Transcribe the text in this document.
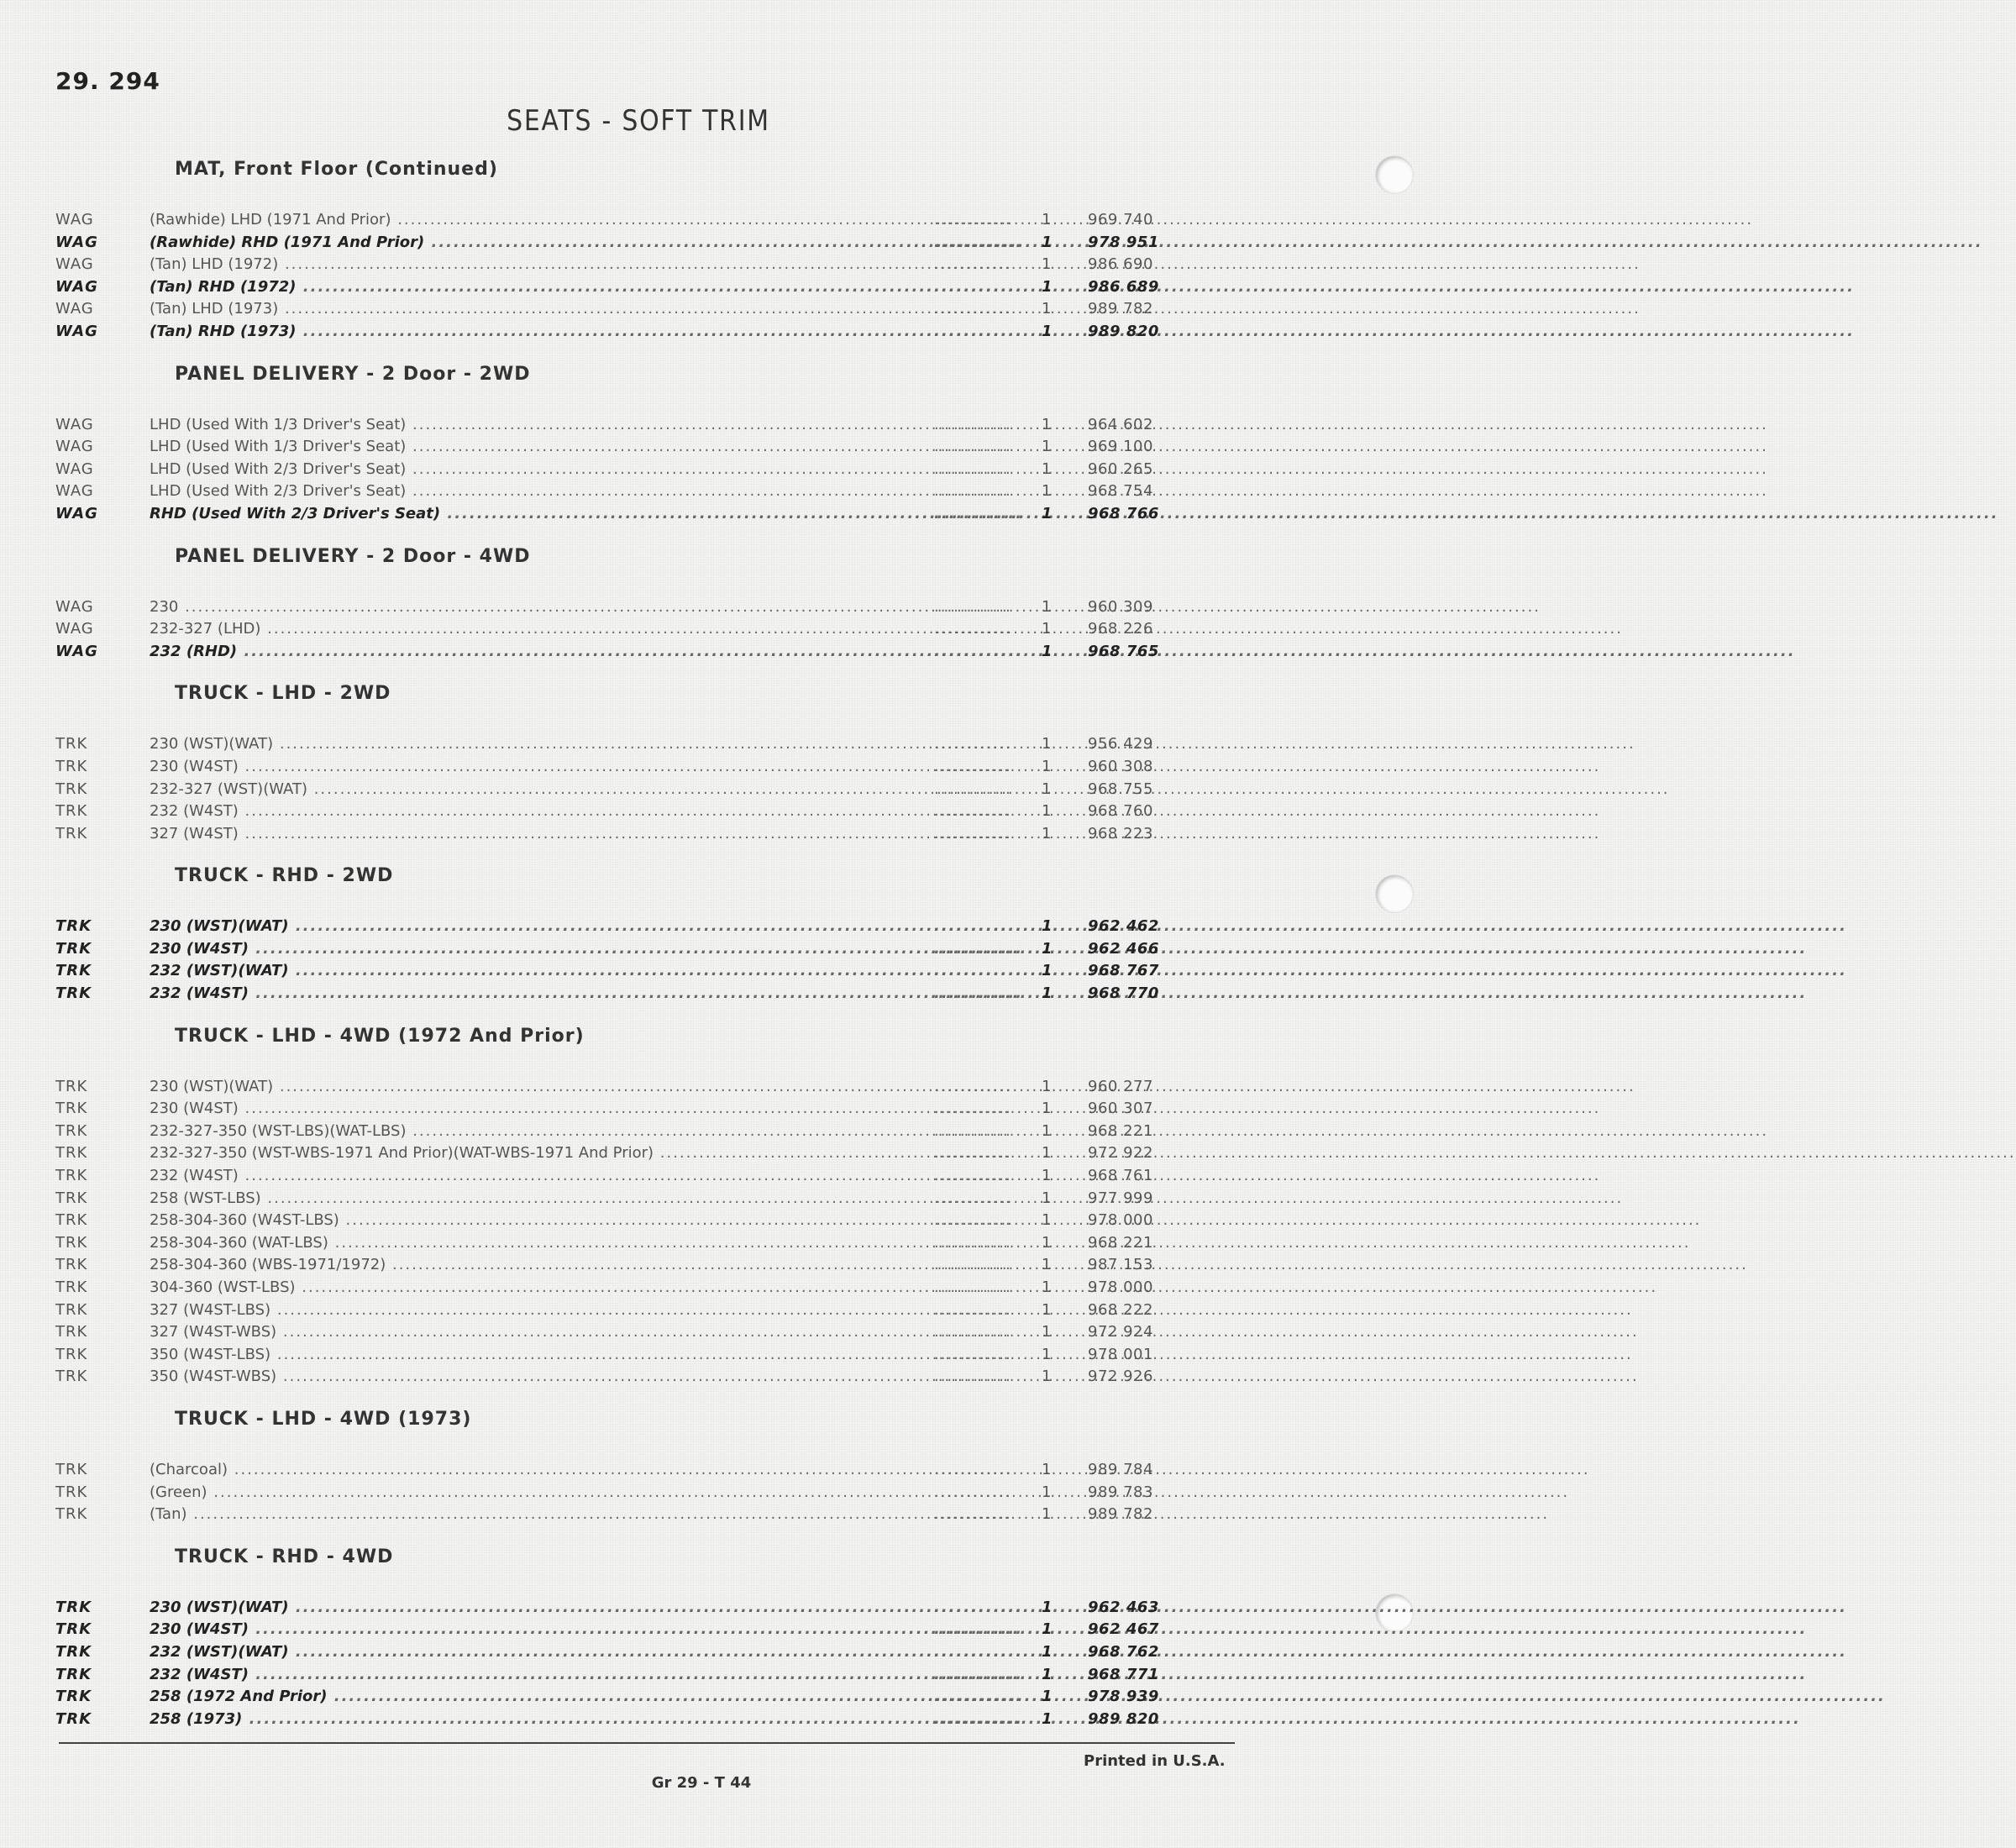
29. 294
SEATS - SOFT TRIM
MAT, Front Floor (Continued)
WAG	(Rawhide) LHD (1971 And Prior) .....	............ 1	969 740
WAG	(Rawhide) RHD (1971 And Prior) .....	............ 1	978 951
WAG	(Tan) LHD (1972) .....	............ 1	986 690
WAG	(Tan) RHD (1972) .....	............ 1	986 689
WAG	(Tan) LHD (1973) .....	............ 1	989 782
WAG	(Tan) RHD (1973) .....	............ 1	989 820
PANEL DELIVERY - 2 Door - 2WD
WAG	LHD (Used With 1/3 Driver's Seat) .....	............ 1	964 602
WAG	LHD (Used With 1/3 Driver's Seat) .....	............ 1	969 100
WAG	LHD (Used With 2/3 Driver's Seat) .....	............ 1	960 265
WAG	LHD (Used With 2/3 Driver's Seat) .....	............ 1	968 754
WAG	RHD (Used With 2/3 Driver's Seat) .....	............ 1	968 766
PANEL DELIVERY - 2 Door - 4WD
WAG	230 .....	............ 1	960 309
WAG	232-327 (LHD) .....	............ 1	968 226
WAG	232 (RHD) .....	............ 1	968 765
TRUCK - LHD - 2WD
TRK	230 (WST)(WAT) .....	............ 1	956 429
TRK	230 (W4ST) .....	............ 1	960 308
TRK	232-327 (WST)(WAT) .....	............ 1	968 755
TRK	232 (W4ST) .....	............ 1	968 760
TRK	327 (W4ST) .....	............ 1	968 223
TRUCK - RHD - 2WD
TRK	230 (WST)(WAT) .....	............ 1	962 462
TRK	230 (W4ST) .....	............ 1	962 466
TRK	232 (WST)(WAT) .....	............ 1	968 767
TRK	232 (W4ST) .....	............ 1	968 770
TRUCK - LHD - 4WD (1972 And Prior)
TRK	230 (WST)(WAT) .....	............ 1	960 277
TRK	230 (W4ST) .....	............ 1	960 307
TRK	232-327-350 (WST-LBS)(WAT-LBS) .....	............ 1	968 221
TRK	232-327-350 (WST-WBS-1971 And Prior)(WAT-WBS-1971 And Prior) .....	............ 1	972 922
TRK	232 (W4ST) .....	............ 1	968 761
TRK	258 (WST-LBS) .....	............ 1	977 999
TRK	258-304-360 (W4ST-LBS) .....	............ 1	978 000
TRK	258-304-360 (WAT-LBS) .....	............ 1	968 221
TRK	258-304-360 (WBS-1971/1972) .....	............ 1	987 153
TRK	304-360 (WST-LBS) .....	............ 1	978 000
TRK	327 (W4ST-LBS) .....	............ 1	968 222
TRK	327 (W4ST-WBS) .....	............ 1	972 924
TRK	350 (W4ST-LBS) .....	............ 1	978 001
TRK	350 (W4ST-WBS) .....	............ 1	972 926
TRUCK - LHD - 4WD (1973)
TRK	(Charcoal) .....	............ 1	989 784
TRK	(Green) .....	............ 1	989 783
TRK	(Tan) .....	............ 1	989 782
TRUCK - RHD - 4WD
TRK	230 (WST)(WAT) .....	............ 1	962 463
TRK	230 (W4ST) .....	............ 1	962 467
TRK	232 (WST)(WAT) .....	............ 1	968 762
TRK	232 (W4ST) .....	............ 1	968 771
TRK	258 (1972 And Prior) .....	............ 1	978 939
TRK	258 (1973) .....	............ 1	989 820
Printed in U.S.A.
Gr 29 - T 44
